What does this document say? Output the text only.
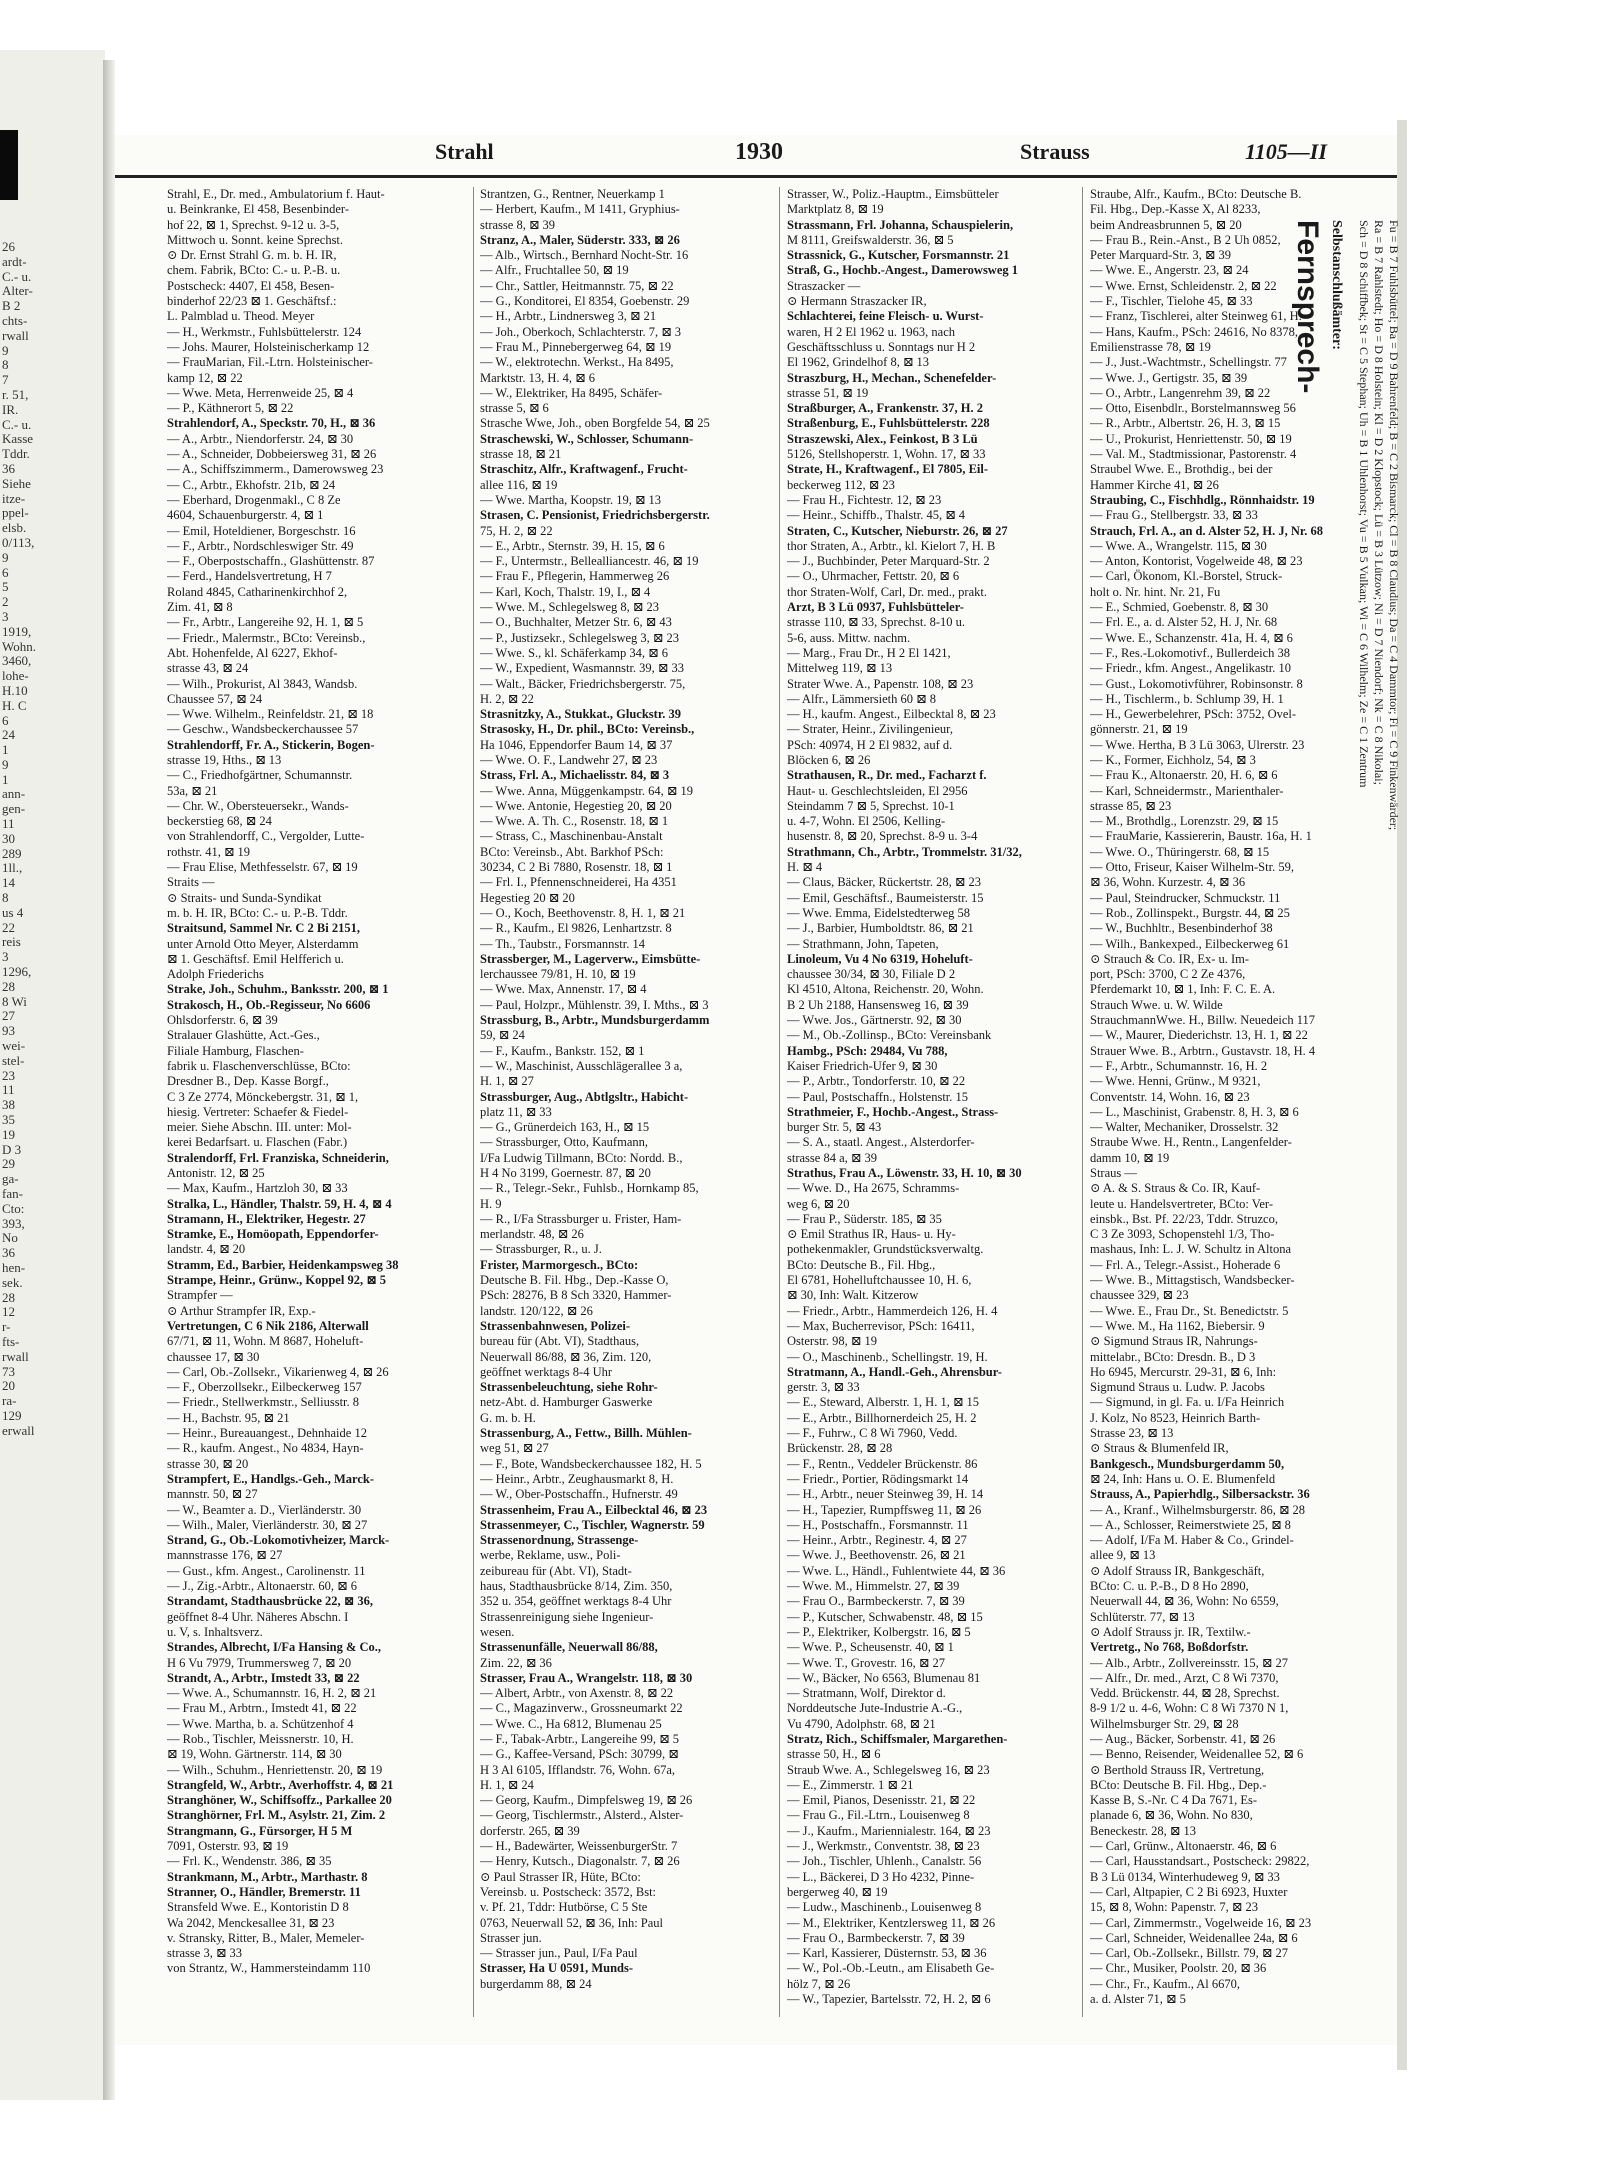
26
ardt-
C.- u.
Alter-
B 2
chts-
rwall
9
8
7
r. 51,
IR.
C.- u.
Kasse
Tddr.
36
Siehe
itze-
ppel-
elsb.
0/113,
9
6
5
2
3
1919,
Wohn.
3460,
lohe-
H.10
H. C
6
24
1
9
1
ann-
gen-
11
30
289
1ll.,
14
8
us 4
22
reis
3
1296,
28
8 Wi
27
93
wei-
stel-
23
11
38
35
19
D 3
29
ga-
fan-
Cto:
393,
No
36
hen-
sek.
28
12
r-
fts-
rwall
73
20
ra-
129
erwall
Strahl	1930	Strauss	1105—II
Strahl, E., Dr. med., Ambulatorium f. Haut-
u. Beinkranke, El 458, Besenbinder-
hof 22, ⊠ 1, Sprechst. 9-12 u. 3-5,
Mittwoch u. Sonnt. keine Sprechst.
⊙ Dr. Ernst Strahl G. m. b. H. IR,
chem. Fabrik, BCto: C.- u. P.-B. u.
Postscheck: 4407, El 458, Besen-
binderhof 22/23 ⊠ 1. Geschäftsf.:
L. Palmblad u. Theod. Meyer
— H., Werkmstr., Fuhlsbüttelerstr. 124
— Johs. Maurer, Holsteinischerkamp 12
— FrauMarian, Fil.-Ltrn. Holsteinischer-
kamp 12, ⊠ 22
— Wwe. Meta, Herrenweide 25, ⊠ 4
— P., Käthnerort 5, ⊠ 22
Strahlendorf, A., Speckstr. 70, H., ⊠ 36
— A., Arbtr., Niendorferstr. 24, ⊠ 30
— A., Schneider, Dobbeiersweg 31, ⊠ 26
— A., Schiffszimmerm., Damerowsweg 23
— C., Arbtr., Ekhofstr. 21b, ⊠ 24
— Eberhard, Drogenmakl., C 8 Ze
4604, Schauenburgerstr. 4, ⊠ 1
— Emil, Hoteldiener, Borgeschstr. 16
— F., Arbtr., Nordschleswiger Str. 49
— F., Oberpostschaffn., Glashüttenstr. 87
— Ferd., Handelsvertretung, H 7
Roland 4845, Catharinenkirchhof 2,
Zim. 41, ⊠ 8
— Fr., Arbtr., Langereihe 92, H. 1, ⊠ 5
— Friedr., Malermstr., BCto: Vereinsb.,
Abt. Hohenfelde, Al 6227, Ekhof-
strasse 43, ⊠ 24
— Wilh., Prokurist, Al 3843, Wandsb.
Chaussee 57, ⊠ 24
— Wwe. Wilhelm., Reinfeldstr. 21, ⊠ 18
— Geschw., Wandsbeckerchaussee 57
Strahlendorff, Fr. A., Stickerin, Bogen-
strasse 19, Hths., ⊠ 13
— C., Friedhofgärtner, Schumannstr.
53a, ⊠ 21
— Chr. W., Obersteuersekr., Wands-
beckerstieg 68, ⊠ 24
von Strahlendorff, C., Vergolder, Lutte-
rothstr. 41, ⊠ 19
— Frau Elise, Methfesselstr. 67, ⊠ 19
Straits —
⊙ Straits- und Sunda-Syndikat
m. b. H. IR, BCto: C.- u. P.-B. Tddr.
Straitsund, Sammel Nr. C 2 Bi 2151,
unter Arnold Otto Meyer, Alsterdamm
⊠ 1. Geschäftsf. Emil Helfferich u.
Adolph Friederichs
Strake, Joh., Schuhm., Banksstr. 200, ⊠ 1
Strakosch, H., Ob.-Regisseur, No 6606
Ohlsdorferstr. 6, ⊠ 39
Stralauer Glashütte, Act.-Ges.,
Filiale Hamburg, Flaschen-
fabrik u. Flaschenverschlüsse, BCto:
Dresdner B., Dep. Kasse Borgf.,
C 3 Ze 2774, Mönckebergstr. 31, ⊠ 1,
hiesig. Vertreter: Schaefer & Fiedel-
meier. Siehe Abschn. III. unter: Mol-
kerei Bedarfsart. u. Flaschen (Fabr.)
Stralendorff, Frl. Franziska, Schneiderin,
Antonistr. 12, ⊠ 25
— Max, Kaufm., Hartzloh 30, ⊠ 33
Stralka, L., Händler, Thalstr. 59, H. 4, ⊠ 4
Stramann, H., Elektriker, Hegestr. 27
Stramke, E., Homöopath, Eppendorfer-
landstr. 4, ⊠ 20
Stramm, Ed., Barbier, Heidenkampsweg 38
Strampe, Heinr., Grünw., Koppel 92, ⊠ 5
Strampfer —
⊙ Arthur Strampfer IR, Exp.-
Vertretungen, C 6 Nik 2186, Alterwall
67/71, ⊠ 11, Wohn. M 8687, Hoheluft-
chaussee 17, ⊠ 30
— Carl, Ob.-Zollsekr., Vikarienweg 4, ⊠ 26
— F., Oberzollsekr., Eilbeckerweg 157
— Friedr., Stellwerkmstr., Selliusstr. 8
— H., Bachstr. 95, ⊠ 21
— Heinr., Bureauangest., Dehnhaide 12
— R., kaufm. Angest., No 4834, Hayn-
strasse 30, ⊠ 20
Strampfert, E., Handlgs.-Geh., Marck-
mannstr. 50, ⊠ 27
— W., Beamter a. D., Vierländerstr. 30
— Wilh., Maler, Vierländerstr. 30, ⊠ 27
Strand, G., Ob.-Lokomotivheizer, Marck-
mannstrasse 176, ⊠ 27
— Gust., kfm. Angest., Carolinenstr. 11
— J., Zig.-Arbtr., Altonaerstr. 60, ⊠ 6
Strandamt, Stadthausbrücke 22, ⊠ 36,
geöffnet 8-4 Uhr. Näheres Abschn. I
u. V, s. Inhaltsverz.
Strandes, Albrecht, I/Fa Hansing & Co.,
H 6 Vu 7979, Trummersweg 7, ⊠ 20
Strandt, A., Arbtr., Imstedt 33, ⊠ 22
— Wwe. A., Schumannstr. 16, H. 2, ⊠ 21
— Frau M., Arbtrn., Imstedt 41, ⊠ 22
— Wwe. Martha, b. a. Schützenhof 4
— Rob., Tischler, Meissnerstr. 10, H.
⊠ 19, Wohn. Gärtnerstr. 114, ⊠ 30
— Wilh., Schuhm., Henriettenstr. 20, ⊠ 19
Strangfeld, W., Arbtr., Averhoffstr. 4, ⊠ 21
Stranghöner, W., Schiffsoffz., Parkallee 20
Stranghörner, Frl. M., Asylstr. 21, Zim. 2
Strangmann, G., Fürsorger, H 5 M
7091, Osterstr. 93, ⊠ 19
— Frl. K., Wendenstr. 386, ⊠ 35
Strankmann, M., Arbtr., Marthastr. 8
Stranner, O., Händler, Bremerstr. 11
Stransfeld Wwe. E., Kontoristin D 8
Wa 2042, Menckesallee 31, ⊠ 23
v. Stransky, Ritter, B., Maler, Memeler-
strasse 3, ⊠ 33
von Strantz, W., Hammersteindamm 110
Strantzen, G., Rentner, Neuerkamp 1
— Herbert, Kaufm., M 1411, Gryphius-
strasse 8, ⊠ 39
Stranz, A., Maler, Süderstr. 333, ⊠ 26
— Alb., Wirtsch., Bernhard Nocht-Str. 16
— Alfr., Fruchtallee 50, ⊠ 19
— Chr., Sattler, Heitmannstr. 75, ⊠ 22
— G., Konditorei, El 8354, Goebenstr. 29
— H., Arbtr., Lindnersweg 3, ⊠ 21
— Joh., Oberkoch, Schlachterstr. 7, ⊠ 3
— Frau M., Pinnebergerweg 64, ⊠ 19
— W., elektrotechn. Werkst., Ha 8495,
Marktstr. 13, H. 4, ⊠ 6
— W., Elektriker, Ha 8495, Schäfer-
strasse 5, ⊠ 6
Strasche Wwe, Joh., oben Borgfelde 54, ⊠ 25
Straschewski, W., Schlosser, Schumann-
strasse 18, ⊠ 21
Straschitz, Alfr., Kraftwagenf., Frucht-
allee 116, ⊠ 19
— Wwe. Martha, Koopstr. 19, ⊠ 13
Strasen, C. Pensionist, Friedrichsbergerstr.
75, H. 2, ⊠ 22
— E., Arbtr., Sternstr. 39, H. 15, ⊠ 6
— F., Untermstr., Bellealliancestr. 46, ⊠ 19
— Frau F., Pflegerin, Hammerweg 26
— Karl, Koch, Thalstr. 19, I., ⊠ 4
— Wwe. M., Schlegelsweg 8, ⊠ 23
— O., Buchhalter, Metzer Str. 6, ⊠ 43
— P., Justizsekr., Schlegelsweg 3, ⊠ 23
— Wwe. S., kl. Schäferkamp 34, ⊠ 6
— W., Expedient, Wasmannstr. 39, ⊠ 33
— Walt., Bäcker, Friedrichsbergerstr. 75,
H. 2, ⊠ 22
Strasnitzky, A., Stukkat., Gluckstr. 39
Strasosky, H., Dr. phil., BCto: Vereinsb.,
Ha 1046, Eppendorfer Baum 14, ⊠ 37
— Wwe. O. F., Landwehr 27, ⊠ 23
Strass, Frl. A., Michaelisstr. 84, ⊠ 3
— Wwe. Anna, Müggenkampstr. 64, ⊠ 19
— Wwe. Antonie, Hegestieg 20, ⊠ 20
— Wwe. A. Th. C., Rosenstr. 18, ⊠ 1
— Strass, C., Maschinenbau-Anstalt
BCto: Vereinsb., Abt. Barkhof PSch:
30234, C 2 Bi 7880, Rosenstr. 18, ⊠ 1
— Frl. I., Pfennenschneiderei, Ha 4351
Hegestieg 20 ⊠ 20
— O., Koch, Beethovenstr. 8, H. 1, ⊠ 21
— R., Kaufm., El 9826, Lenhartzstr. 8
— Th., Taubstr., Forsmannstr. 14
Strassberger, M., Lagerverw., Eimsbütte-
lerchaussee 79/81, H. 10, ⊠ 19
— Wwe. Max, Annenstr. 17, ⊠ 4
— Paul, Holzpr., Mühlenstr. 39, I. Mths., ⊠ 3
Strassburg, B., Arbtr., Mundsburgerdamm
59, ⊠ 24
— F., Kaufm., Bankstr. 152, ⊠ 1
— W., Maschinist, Ausschlägerallee 3 a,
H. 1, ⊠ 27
Strassburger, Aug., Abtlgsltr., Habicht-
platz 11, ⊠ 33
— G., Grünerdeich 163, H., ⊠ 15
— Strassburger, Otto, Kaufmann,
I/Fa Ludwig Tillmann, BCto: Nordd. B.,
H 4 No 3199, Goernestr. 87, ⊠ 20
— R., Telegr.-Sekr., Fuhlsb., Hornkamp 85,
H. 9
— R., I/Fa Strassburger u. Frister, Ham-
merlandstr. 48, ⊠ 26
— Strassburger, R., u. J.
Frister, Marmorgesch., BCto:
Deutsche B. Fil. Hbg., Dep.-Kasse O,
PSch: 28276, B 8 Sch 3320, Hammer-
landstr. 120/122, ⊠ 26
Strassenbahnwesen, Polizei-
bureau für (Abt. VI), Stadthaus,
Neuerwall 86/88, ⊠ 36, Zim. 120,
geöffnet werktags 8-4 Uhr
Strassenbeleuchtung, siehe Rohr-
netz-Abt. d. Hamburger Gaswerke
G. m. b. H.
Strassenburg, A., Fettw., Billh. Mühlen-
weg 51, ⊠ 27
— F., Bote, Wandsbeckerchaussee 182, H. 5
— Heinr., Arbtr., Zeughausmarkt 8, H.
— W., Ober-Postschaffn., Hufnerstr. 49
Strassenheim, Frau A., Eilbecktal 46, ⊠ 23
Strassenmeyer, C., Tischler, Wagnerstr. 59
Strassenordnung, Strassenge-
werbe, Reklame, usw., Poli-
zeibureau für (Abt. VI), Stadt-
haus, Stadthausbrücke 8/14, Zim. 350,
352 u. 354, geöffnet werktags 8-4 Uhr
Strassenreinigung siehe Ingenieur-
wesen.
Strassenunfälle, Neuerwall 86/88,
Zim. 22, ⊠ 36
Strasser, Frau A., Wrangelstr. 118, ⊠ 30
— Albert, Arbtr., von Axenstr. 8, ⊠ 22
— C., Magazinverw., Grossneumarkt 22
— Wwe. C., Ha 6812, Blumenau 25
— F., Tabak-Arbtr., Langereihe 99, ⊠ 5
— G., Kaffee-Versand, PSch: 30799, ⊠
H 3 Al 6105, Ifflandstr. 76, Wohn. 67a,
H. 1, ⊠ 24
— Georg, Kaufm., Dimpfelsweg 19, ⊠ 26
— Georg, Tischlermstr., Alsterd., Alster-
dorferstr. 265, ⊠ 39
— H., Badewärter, WeissenburgerStr. 7
— Henry, Kutsch., Diagonalstr. 7, ⊠ 26
⊙ Paul Strasser IR, Hüte, BCto:
Vereinsb. u. Postscheck: 3572, Bst:
v. Pf. 21, Tddr: Hutbörse, C 5 Ste
0763, Neuerwall 52, ⊠ 36, Inh: Paul
Strasser jun.
— Strasser jun., Paul, I/Fa Paul
Strasser, Ha U 0591, Munds-
burgerdamm 88, ⊠ 24
Strasser, W., Poliz.-Hauptm., Eimsbütteler
Marktplatz 8, ⊠ 19
Strassmann, Frl. Johanna, Schauspielerin,
M 8111, Greifswalderstr. 36, ⊠ 5
Strassnick, G., Kutscher, Forsmannstr. 21
Straß, G., Hochb.-Angest., Damerowsweg 1
Straszacker —
⊙ Hermann Straszacker IR,
Schlachterei, feine Fleisch- u. Wurst-
waren, H 2 El 1962 u. 1963, nach
Geschäftsschluss u. Sonntags nur H 2
El 1962, Grindelhof 8, ⊠ 13
Straszburg, H., Mechan., Schenefelder-
strasse 51, ⊠ 19
Straßburger, A., Frankenstr. 37, H. 2
Straßenburg, E., Fuhlsbüttelerstr. 228
Straszewski, Alex., Feinkost, B 3 Lü
5126, Stellshoperstr. 1, Wohn. 17, ⊠ 33
Strate, H., Kraftwagenf., El 7805, Eil-
beckerweg 112, ⊠ 23
— Frau H., Fichtestr. 12, ⊠ 23
— Heinr., Schiffb., Thalstr. 45, ⊠ 4
Straten, C., Kutscher, Nieburstr. 26, ⊠ 27
thor Straten, A., Arbtr., kl. Kielort 7, H. B
— J., Buchbinder, Peter Marquard-Str. 2
— O., Uhrmacher, Fettstr. 20, ⊠ 6
thor Straten-Wolf, Carl, Dr. med., prakt.
Arzt, B 3 Lü 0937, Fuhlsbütteler-
strasse 110, ⊠ 33, Sprechst. 8-10 u.
5-6, auss. Mittw. nachm.
— Marg., Frau Dr., H 2 El 1421,
Mittelweg 119, ⊠ 13
Strater Wwe. A., Papenstr. 108, ⊠ 23
— Alfr., Lämmersieth 60 ⊠ 8
— H., kaufm. Angest., Eilbecktal 8, ⊠ 23
— Strater, Heinr., Zivilingenieur,
PSch: 40974, H 2 El 9832, auf d.
Blöcken 6, ⊠ 26
Strathausen, R., Dr. med., Facharzt f.
Haut- u. Geschlechtsleiden, El 2956
Steindamm 7 ⊠ 5, Sprechst. 10-1
u. 4-7, Wohn. El 2506, Kelling-
husenstr. 8, ⊠ 20, Sprechst. 8-9 u. 3-4
Strathmann, Ch., Arbtr., Trommelstr. 31/32,
H. ⊠ 4
— Claus, Bäcker, Rückertstr. 28, ⊠ 23
— Emil, Geschäftsf., Baumeisterstr. 15
— Wwe. Emma, Eidelstedterweg 58
— J., Barbier, Humboldtstr. 86, ⊠ 21
— Strathmann, John, Tapeten,
Linoleum, Vu 4 No 6319, Hoheluft-
chaussee 30/34, ⊠ 30, Filiale D 2
Kl 4510, Altona, Reichenstr. 20, Wohn.
B 2 Uh 2188, Hansensweg 16, ⊠ 39
— Wwe. Jos., Gärtnerstr. 92, ⊠ 30
— M., Ob.-Zollinsp., BCto: Vereinsbank
Hambg., PSch: 29484, Vu 788,
Kaiser Friedrich-Ufer 9, ⊠ 30
— P., Arbtr., Tondorferstr. 10, ⊠ 22
— Paul, Postschaffn., Holstenstr. 15
Strathmeier, F., Hochb.-Angest., Strass-
burger Str. 5, ⊠ 43
— S. A., staatl. Angest., Alsterdorfer-
strasse 84 a, ⊠ 39
Strathus, Frau A., Löwenstr. 33, H. 10, ⊠ 30
— Wwe. D., Ha 2675, Schramms-
weg 6, ⊠ 20
— Frau P., Süderstr. 185, ⊠ 35
⊙ Emil Strathus IR, Haus- u. Hy-
pothekenmakler, Grundstücksverwaltg.
BCto: Deutsche B., Fil. Hbg.,
El 6781, Hohelluftchaussee 10, H. 6,
⊠ 30, Inh: Walt. Kitzerow
— Friedr., Arbtr., Hammerdeich 126, H. 4
— Max, Bucherrevisor, PSch: 16411,
Osterstr. 98, ⊠ 19
— O., Maschinenb., Schellingstr. 19, H.
Stratmann, A., Handl.-Geh., Ahrensbur-
gerstr. 3, ⊠ 33
— E., Steward, Alberstr. 1, H. 1, ⊠ 15
— E., Arbtr., Billhornerdeich 25, H. 2
— F., Fuhrw., C 8 Wi 7960, Vedd.
Brückenstr. 28, ⊠ 28
— F., Rentn., Veddeler Brückenstr. 86
— Friedr., Portier, Rödingsmarkt 14
— H., Arbtr., neuer Steinweg 39, H. 14
— H., Tapezier, Rumpffsweg 11, ⊠ 26
— H., Postschaffn., Forsmannstr. 11
— Heinr., Arbtr., Reginestr. 4, ⊠ 27
— Wwe. J., Beethovenstr. 26, ⊠ 21
— Wwe. L., Händl., Fuhlentwiete 44, ⊠ 36
— Wwe. M., Himmelstr. 27, ⊠ 39
— Frau O., Barmbeckerstr. 7, ⊠ 39
— P., Kutscher, Schwabenstr. 48, ⊠ 15
— P., Elektriker, Kolbergstr. 16, ⊠ 5
— Wwe. P., Scheusenstr. 40, ⊠ 1
— Wwe. T., Grovestr. 16, ⊠ 27
— W., Bäcker, No 6563, Blumenau 81
— Stratmann, Wolf, Direktor d.
Norddeutsche Jute-Industrie A.-G.,
Vu 4790, Adolphstr. 68, ⊠ 21
Stratz, Rich., Schiffsmaler, Margarethen-
strasse 50, H., ⊠ 6
Straub Wwe. A., Schlegelsweg 16, ⊠ 23
— E., Zimmerstr. 1 ⊠ 21
— Emil, Pianos, Desenisstr. 21, ⊠ 22
— Frau G., Fil.-Ltrn., Louisenweg 8
— J., Kaufm., Mariennialestr. 164, ⊠ 23
— J., Werkmstr., Conventstr. 38, ⊠ 23
— Joh., Tischler, Uhlenh., Canalstr. 56
— L., Bäckerei, D 3 Ho 4232, Pinne-
bergerweg 40, ⊠ 19
— Ludw., Maschinenb., Louisenweg 8
— M., Elektriker, Kentzlersweg 11, ⊠ 26
— Frau O., Barmbeckerstr. 7, ⊠ 39
— Karl, Kassierer, Düsternstr. 53, ⊠ 36
— W., Pol.-Ob.-Leutn., am Elisabeth Ge-
hölz 7, ⊠ 26
— W., Tapezier, Bartelsstr. 72, H. 2, ⊠ 6
Straube, Alfr., Kaufm., BCto: Deutsche B.
Fil. Hbg., Dep.-Kasse X, Al 8233,
beim Andreasbrunnen 5, ⊠ 20
— Frau B., Rein.-Anst., B 2 Uh 0852,
Peter Marquard-Str. 3, ⊠ 39
— Wwe. E., Angerstr. 23, ⊠ 24
— Wwe. Ernst, Schleidenstr. 2, ⊠ 22
— F., Tischler, Tielohe 45, ⊠ 33
— Franz, Tischlerei, alter Steinweg 61, H.
— Hans, Kaufm., PSch: 24616, No 8378,
Emilienstrasse 78, ⊠ 19
— J., Just.-Wachtmstr., Schellingstr. 77
— Wwe. J., Gertigstr. 35, ⊠ 39
— O., Arbtr., Langenrehm 39, ⊠ 22
— Otto, Eisenbdlr., Borstelmannsweg 56
— R., Arbtr., Albertstr. 26, H. 3, ⊠ 15
— U., Prokurist, Henriettenstr. 50, ⊠ 19
— Val. M., Stadtmissionar, Pastorenstr. 4
Straubel Wwe. E., Brothdig., bei der
Hammer Kirche 41, ⊠ 26
Straubing, C., Fischhdlg., Rönnhaidstr. 19
— Frau G., Stellbergstr. 33, ⊠ 33
Strauch, Frl. A., an d. Alster 52, H. J, Nr. 68
— Wwe. A., Wrangelstr. 115, ⊠ 30
— Anton, Kontorist, Vogelweide 48, ⊠ 23
— Carl, Ökonom, Kl.-Borstel, Struck-
holt o. Nr. hint. Nr. 21, Fu
— E., Schmied, Goebenstr. 8, ⊠ 30
— Frl. E., a. d. Alster 52, H. J, Nr. 68
— Wwe. E., Schanzenstr. 41a, H. 4, ⊠ 6
— F., Res.-Lokomotivf., Bullerdeich 38
— Friedr., kfm. Angest., Angelikastr. 10
— Gust., Lokomotivführer, Robinsonstr. 8
— H., Tischlerm., b. Schlump 39, H. 1
— H., Gewerbelehrer, PSch: 3752, Ovel-
gönnerstr. 21, ⊠ 19
— Wwe. Hertha, B 3 Lü 3063, Ulrerstr. 23
— K., Former, Eichholz, 54, ⊠ 3
— Frau K., Altonaerstr. 20, H. 6, ⊠ 6
— Karl, Schneidermstr., Marienthaler-
strasse 85, ⊠ 23
— M., Brothdlg., Lorenzstr. 29, ⊠ 15
— FrauMarie, Kassiererin, Baustr. 16a, H. 1
— Wwe. O., Thüringerstr. 68, ⊠ 15
— Otto, Friseur, Kaiser Wilhelm-Str. 59,
⊠ 36, Wohn. Kurzestr. 4, ⊠ 36
— Paul, Steindrucker, Schmuckstr. 11
— Rob., Zollinspekt., Burgstr. 44, ⊠ 25
— W., Buchhltr., Besenbinderhof 38
— Wilh., Bankexped., Eilbeckerweg 61
⊙ Strauch & Co. IR, Ex- u. Im-
port, PSch: 3700, C 2 Ze 4376,
Pferdemarkt 10, ⊠ 1, Inh: F. C. E. A.
Strauch Wwe. u. W. Wilde
StrauchmannWwe. H., Billw. Neuedeich 117
— W., Maurer, Diederichstr. 13, H. 1, ⊠ 22
Strauer Wwe. B., Arbtrn., Gustavstr. 18, H. 4
— F., Arbtr., Schumannstr. 16, H. 2
— Wwe. Henni, Grünw., M 9321,
Conventstr. 14, Wohn. 16, ⊠ 23
— L., Maschinist, Grabenstr. 8, H. 3, ⊠ 6
— Walter, Mechaniker, Drosselstr. 32
Straube Wwe. H., Rentn., Langenfelder-
damm 10, ⊠ 19
Straus —
⊙ A. & S. Straus & Co. IR, Kauf-
leute u. Handelsvertreter, BCto: Ver-
einsbk., Bst. Pf. 22/23, Tddr. Struzco,
C 3 Ze 3093, Schopenstehl 1/3, Tho-
mashaus, Inh: L. J. W. Schultz in Altona
— Frl. A., Telegr.-Assist., Hoherade 6
— Wwe. B., Mittagstisch, Wandsbecker-
chaussee 329, ⊠ 23
— Wwe. E., Frau Dr., St. Benedictstr. 5
— Wwe. M., Ha 1162, Biebersir. 9
⊙ Sigmund Straus IR, Nahrungs-
mittelabr., BCto: Dresdn. B., D 3
Ho 6945, Mercurstr. 29-31, ⊠ 6, Inh:
Sigmund Straus u. Ludw. P. Jacobs
— Sigmund, in gl. Fa. u. I/Fa Heinrich
J. Kolz, No 8523, Heinrich Barth-
Strasse 23, ⊠ 13
⊙ Straus & Blumenfeld IR,
Bankgesch., Mundsburgerdamm 50,
⊠ 24, Inh: Hans u. O. E. Blumenfeld
Strauss, A., Papierhdlg., Silbersackstr. 36
— A., Kranf., Wilhelmsburgerstr. 86, ⊠ 28
— A., Schlosser, Reimerstwiete 25, ⊠ 8
— Adolf, I/Fa M. Haber & Co., Grindel-
allee 9, ⊠ 13
⊙ Adolf Strauss IR, Bankgeschäft,
BCto: C. u. P.-B., D 8 Ho 2890,
Neuerwall 44, ⊠ 36, Wohn: No 6559,
Schlüterstr. 77, ⊠ 13
⊙ Adolf Strauss jr. IR, Textilw.-
Vertretg., No 768, Boßdorfstr.
— Alb., Arbtr., Zollvereinsstr. 15, ⊠ 27
— Alfr., Dr. med., Arzt, C 8 Wi 7370,
Vedd. Brückenstr. 44, ⊠ 28, Sprechst.
8-9 1/2 u. 4-6, Wohn: C 8 Wi 7370 N 1,
Wilhelmsburger Str. 29, ⊠ 28
— Aug., Bäcker, Sorbenstr. 41, ⊠ 26
— Benno, Reisender, Weidenallee 52, ⊠ 6
⊙ Berthold Strauss IR, Vertretung,
BCto: Deutsche B. Fil. Hbg., Dep.-
Kasse B, S.-Nr. C 4 Da 7671, Es-
planade 6, ⊠ 36, Wohn. No 830,
Beneckestr. 28, ⊠ 13
— Carl, Grünw., Altonaerstr. 46, ⊠ 6
— Carl, Hausstandsart., Postscheck: 29822,
B 3 Lü 0134, Winterhudeweg 9, ⊠ 33
— Carl, Altpapier, C 2 Bi 6923, Huxter
15, ⊠ 8, Wohn: Papenstr. 7, ⊠ 23
— Carl, Zimmermstr., Vogelweide 16, ⊠ 23
— Carl, Schneider, Weidenallee 24a, ⊠ 6
— Carl, Ob.-Zollsekr., Billstr. 79, ⊠ 27
— Chr., Musiker, Poolstr. 20, ⊠ 36
— Chr., Fr., Kaufm., Al 6670,
a. d. Alster 71, ⊠ 5
Fernsprech- Selbstanschlußämter:	Fu = B 7 Fuhlsbüttel; Ba = D 9 Bahrenfeld; B = C 2 Bismarck; Cl = B 8 Claudius; Da = C 4 Dammtor; Fi = C 9 Finkenwärder;
Ra = B 7 Rahlstedt; Ho = D 8 Holstein; Kl = D 2 Klopstock; Lü = B 3 Lützow; Ni = D 7 Niendorf; Nk = C 8 Nikolai;
Sch = D 8 Schiffbek; St = C 5 Stephan; Uh = B 1 Uhlenhorst; Vu = B 5 Vulkan; Wi = C 6 Wilhelm; Ze = C 1 Zentrum
